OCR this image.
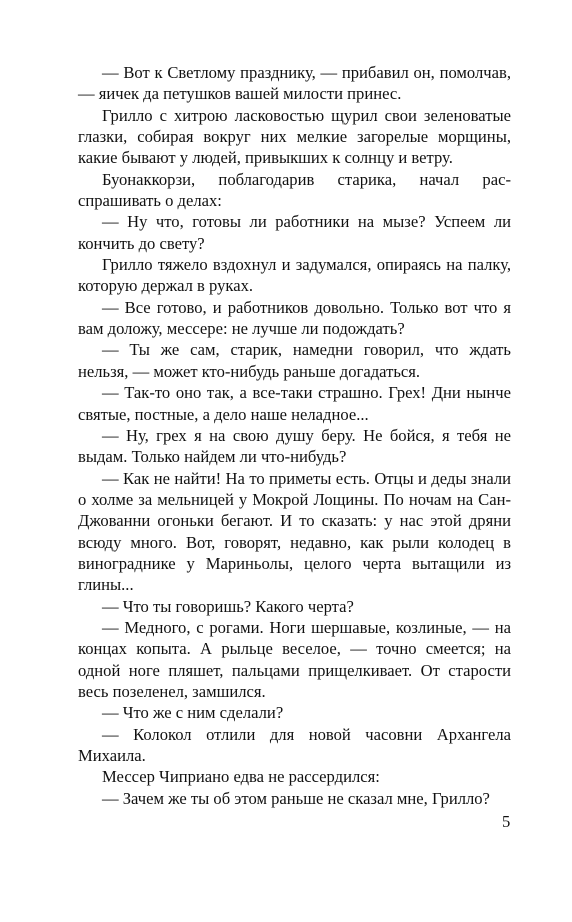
— Вот к Светлому празднику, — прибавил он, помолчав, — яичек да петушков вашей милости принес.

Грилло с хитрою ласковостью щурил свои зеленоватые глазки, собирая вокруг них мелкие загорелые морщины, какие бывают у людей, привыкших к солнцу и ветру.

Буонаккорзи, поблагодарив старика, начал расспрашивать о делах:

— Ну что, готовы ли работники на мызе? Успеем ли кончить до свету?

Грилло тяжело вздохнул и задумался, опираясь на палку, которую держал в руках.

— Все готово, и работников довольно. Только вот что я вам доложу, мессере: не лучше ли подождать?

— Ты же сам, старик, намедни говорил, что ждать нельзя, — может кто-нибудь раньше догадаться.

— Так-то оно так, а все-таки страшно. Грех! Дни нынче святые, постные, а дело наше неладное...

— Ну, грех я на свою душу беру. Не бойся, я тебя не выдам. Только найдем ли что-нибудь?

— Как не найти! На то приметы есть. Отцы и деды знали о холме за мельницей у Мокрой Лощины. По ночам на Сан-Джованни огоньки бегают. И то сказать: у нас этой дряни всюду много. Вот, говорят, недавно, как рыли колодец в винограднике у Мариньолы, целого черта вытащили из глины...

— Что ты говоришь? Какого черта?

— Медного, с рогами. Ноги шершавые, козлиные, — на концах копыта. А рыльце веселое, — точно смеется; на одной ноге пляшет, пальцами прищелкивает. От старости весь позеленел, замшился.

— Что же с ним сделали?

— Колокол отлили для новой часовни Архангела Михаила.

Мессер Чиприано едва не рассердился:

— Зачем же ты об этом раньше не сказал мне, Грилло?

5
